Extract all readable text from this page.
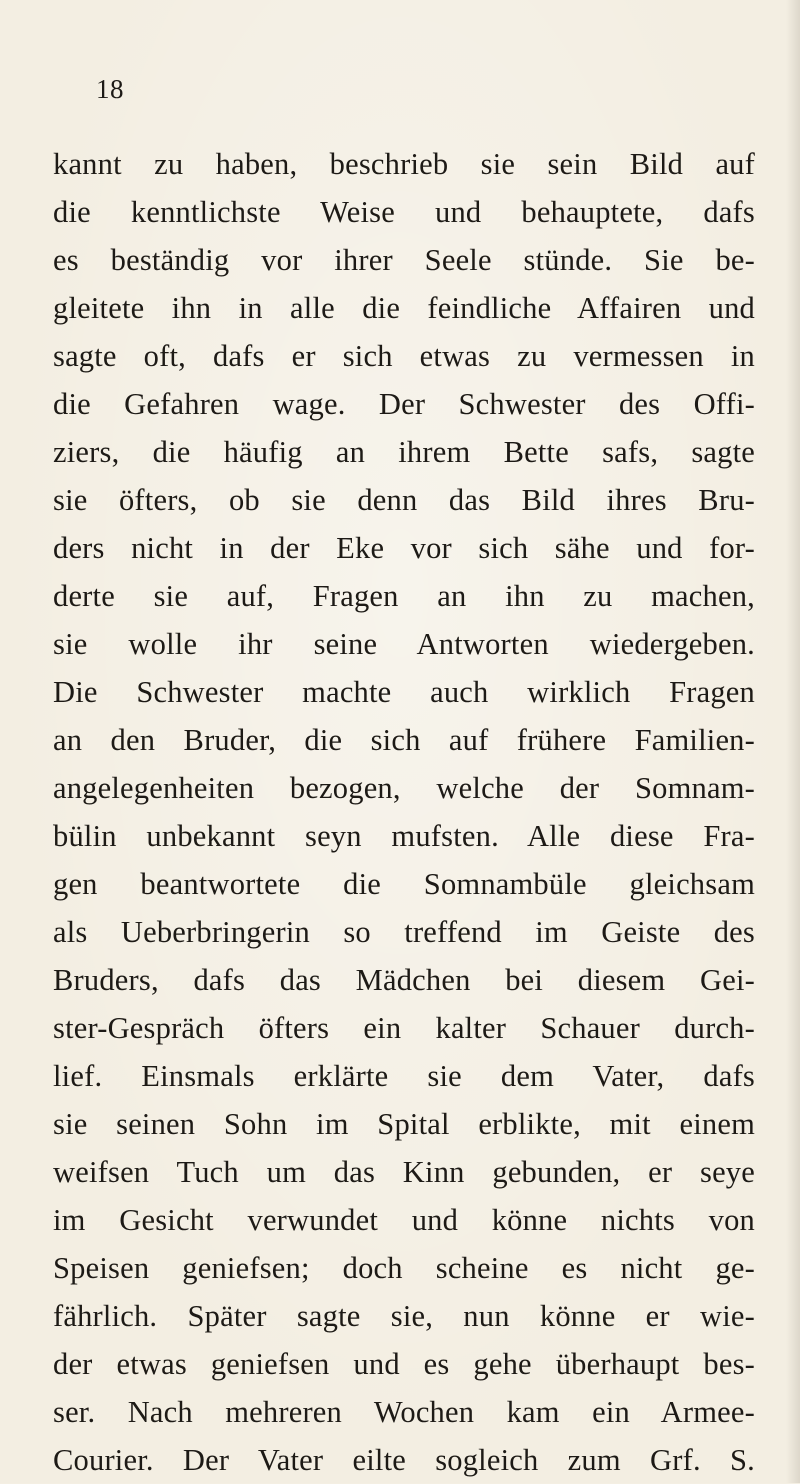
18
kannt zu haben, beschrieb sie sein Bild auf
die kenntlichste Weise und behauptete, dafs
es beständig vor ihrer Seele stünde. Sie be-
gleitete ihn in alle die feindliche Affairen und
sagte oft, dafs er sich etwas zu vermessen in
die Gefahren wage. Der Schwester des Offi-
ziers, die häufig an ihrem Bette safs, sagte
sie öfters, ob sie denn das Bild ihres Bru-
ders nicht in der Eke vor sich sähe und for-
derte sie auf, Fragen an ihn zu machen,
sie wolle ihr seine Antworten wiedergeben.
Die Schwester machte auch wirklich Fragen
an den Bruder, die sich auf frühere Familien-
angelegenheiten bezogen, welche der Somnam-
bülin unbekannt seyn mufsten. Alle diese Fra-
gen beantwortete die Somnambüle gleichsam
als Ueberbringerin so treffend im Geiste des
Bruders, dafs das Mädchen bei diesem Gei-
ster-Gespräch öfters ein kalter Schauer durch-
lief. Einsmals erklärte sie dem Vater, dafs
sie seinen Sohn im Spital erblikte, mit einem
weifsen Tuch um das Kinn gebunden, er seye
im Gesicht verwundet und könne nichts von
Speisen geniefsen; doch scheine es nicht ge-
fährlich. Später sagte sie, nun könne er wie-
der etwas geniefsen und es gehe überhaupt bes-
ser. Nach mehreren Wochen kam ein Armee-
Courier. Der Vater eilte sogleich zum Grf. S.
